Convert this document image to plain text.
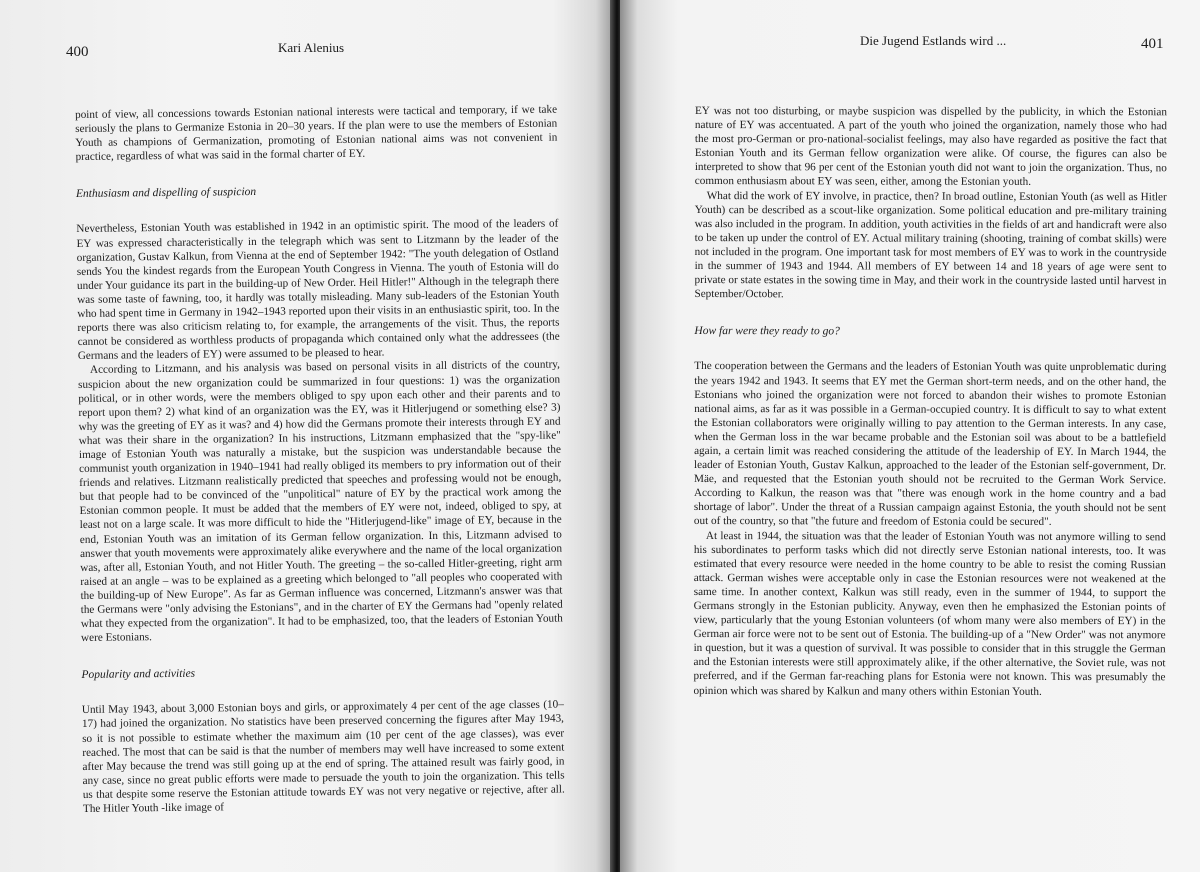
400	Kari Alenius

point of view, all concessions towards Estonian national interests were tactical and temporary, if we take seriously the plans to Germanize Estonia in 20–30 years. If the plan were to use the members of Estonian Youth as champions of Germanization, promoting of Estonian national aims was not convenient in practice, regardless of what was said in the formal charter of EY.

Enthusiasm and dispelling of suspicion

Nevertheless, Estonian Youth was established in 1942 in an optimistic spirit. The mood of the leaders of EY was expressed characteristically in the telegraph which was sent to Litzmann by the leader of the organization, Gustav Kalkun, from Vienna at the end of September 1942: "The youth delegation of Ostland sends You the kindest regards from the European Youth Congress in Vienna. The youth of Estonia will do under Your guidance its part in the building-up of New Order. Heil Hitler!" Although in the telegraph there was some taste of fawning, too, it hardly was totally misleading. Many sub-leaders of the Estonian Youth who had spent time in Germany in 1942–1943 reported upon their visits in an enthusiastic spirit, too. In the reports there was also criticism relating to, for example, the arrangements of the visit. Thus, the reports cannot be considered as worthless products of propaganda which contained only what the addressees (the Germans and the leaders of EY) were assumed to be pleased to hear.

According to Litzmann, and his analysis was based on personal visits in all districts of the country, suspicion about the new organization could be summarized in four questions: 1) was the organization political, or in other words, were the members obliged to spy upon each other and their parents and to report upon them? 2) what kind of an organization was the EY, was it Hitlerjugend or something else? 3) why was the greeting of EY as it was? and 4) how did the Germans promote their interests through EY and what was their share in the organization? In his instructions, Litzmann emphasized that the "spy-like" image of Estonian Youth was naturally a mistake, but the suspicion was understandable because the communist youth organization in 1940–1941 had really obliged its members to pry information out of their friends and relatives. Litzmann realistically predicted that speeches and professing would not be enough, but that people had to be convinced of the "unpolitical" nature of EY by the practical work among the Estonian common people. It must be added that the members of EY were not, indeed, obliged to spy, at least not on a large scale. It was more difficult to hide the "Hitlerjugend-like" image of EY, because in the end, Estonian Youth was an imitation of its German fellow organization. In this, Litzmann advised to answer that youth movements were approximately alike everywhere and the name of the local organization was, after all, Estonian Youth, and not Hitler Youth. The greeting – the so-called Hitler-greeting, right arm raised at an angle – was to be explained as a greeting which belonged to "all peoples who cooperated with the building-up of New Europe". As far as German influence was concerned, Litzmann's answer was that the Germans were "only advising the Estonians", and in the charter of EY the Germans had "openly related what they expected from the organization". It had to be emphasized, too, that the leaders of Estonian Youth were Estonians.

Popularity and activities

Until May 1943, about 3,000 Estonian boys and girls, or approximately 4 per cent of the age classes (10–17) had joined the organization. No statistics have been preserved concerning the figures after May 1943, so it is not possible to estimate whether the maximum aim (10 per cent of the age classes), was ever reached. The most that can be said is that the number of members may well have increased to some extent after May because the trend was still going up at the end of spring. The attained result was fairly good, in any case, since no great public efforts were made to persuade the youth to join the organization. This tells us that despite some reserve the Estonian attitude towards EY was not very negative or rejective, after all. The Hitler Youth -like image of

Die Jugend Estlands wird ...	401

EY was not too disturbing, or maybe suspicion was dispelled by the publicity, in which the Estonian nature of EY was accentuated. A part of the youth who joined the organization, namely those who had the most pro-German or pro-national-socialist feelings, may also have regarded as positive the fact that Estonian Youth and its German fellow organization were alike. Of course, the figures can also be interpreted to show that 96 per cent of the Estonian youth did not want to join the organization. Thus, no common enthusiasm about EY was seen, either, among the Estonian youth.

What did the work of EY involve, in practice, then? In broad outline, Estonian Youth (as well as Hitler Youth) can be described as a scout-like organization. Some political education and pre-military training was also included in the program. In addition, youth activities in the fields of art and handicraft were also to be taken up under the control of EY. Actual military training (shooting, training of combat skills) were not included in the program. One important task for most members of EY was to work in the countryside in the summer of 1943 and 1944. All members of EY between 14 and 18 years of age were sent to private or state estates in the sowing time in May, and their work in the countryside lasted until harvest in September/October.

How far were they ready to go?

The cooperation between the Germans and the leaders of Estonian Youth was quite unproblematic during the years 1942 and 1943. It seems that EY met the German short-term needs, and on the other hand, the Estonians who joined the organization were not forced to abandon their wishes to promote Estonian national aims, as far as it was possible in a German-occupied country. It is difficult to say to what extent the Estonian collaborators were originally willing to pay attention to the German interests. In any case, when the German loss in the war became probable and the Estonian soil was about to be a battlefield again, a certain limit was reached considering the attitude of the leadership of EY. In March 1944, the leader of Estonian Youth, Gustav Kalkun, approached to the leader of the Estonian self-government, Dr. Mäe, and requested that the Estonian youth should not be recruited to the German Work Service. According to Kalkun, the reason was that "there was enough work in the home country and a bad shortage of labor". Under the threat of a Russian campaign against Estonia, the youth should not be sent out of the country, so that "the future and freedom of Estonia could be secured".

At least in 1944, the situation was that the leader of Estonian Youth was not anymore willing to send his subordinates to perform tasks which did not directly serve Estonian national interests, too. It was estimated that every resource were needed in the home country to be able to resist the coming Russian attack. German wishes were acceptable only in case the Estonian resources were not weakened at the same time. In another context, Kalkun was still ready, even in the summer of 1944, to support the Germans strongly in the Estonian publicity. Anyway, even then he emphasized the Estonian points of view, particularly that the young Estonian volunteers (of whom many were also members of EY) in the German air force were not to be sent out of Estonia. The building-up of a "New Order" was not anymore in question, but it was a question of survival. It was possible to consider that in this struggle the German and the Estonian interests were still approximately alike, if the other alternative, the Soviet rule, was not preferred, and if the German far-reaching plans for Estonia were not known. This was presumably the opinion which was shared by Kalkun and many others within Estonian Youth.
